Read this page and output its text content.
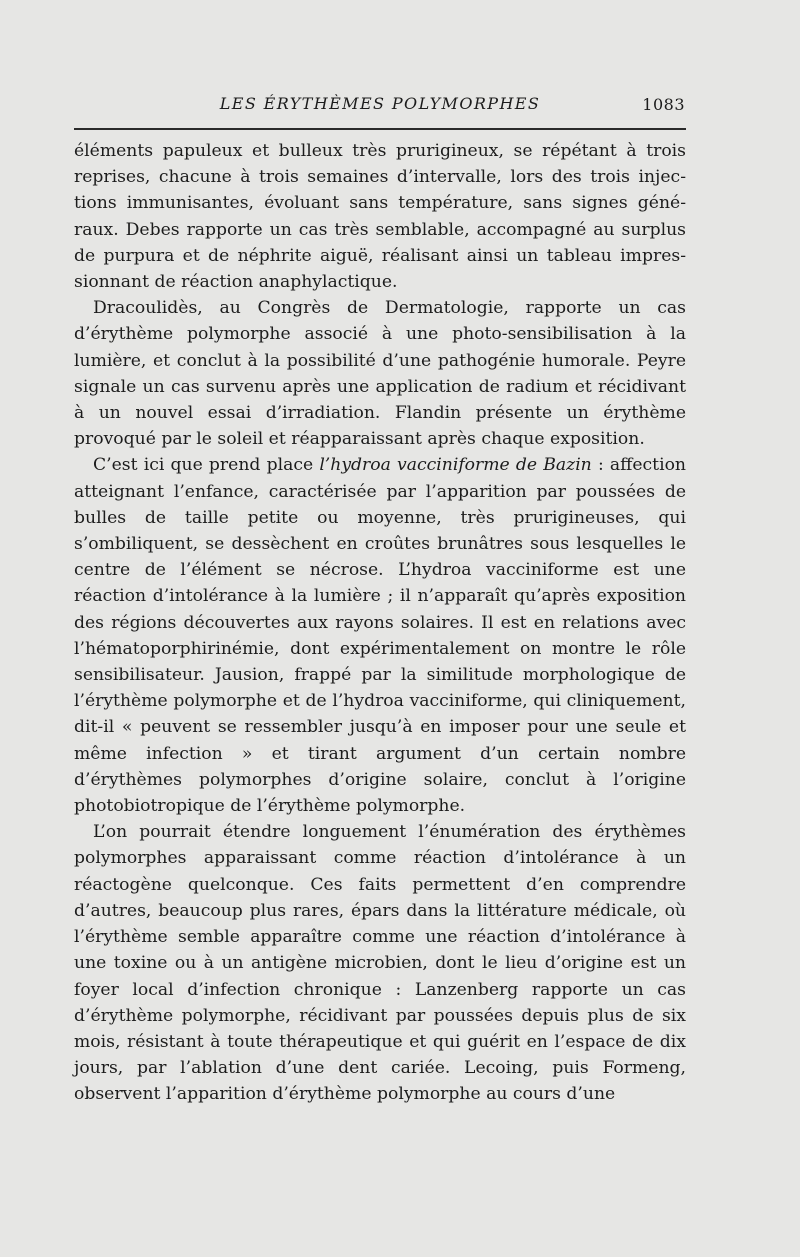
LES ÉRYTHÈMES POLYMORPHES	1083

éléments papuleux et bulleux très prurigineux, se répétant à trois reprises, chacune à trois semaines d’intervalle, lors des trois injections immunisantes, évoluant sans température, sans signes généraux. Debes rapporte un cas très semblable, accompagné au surplus de purpura et de néphrite aiguë, réalisant ainsi un tableau impressionnant de réaction anaphylactique.

Dracoulidès, au Congrès de Dermatologie, rapporte un cas d’érythème polymorphe associé à une photo-sensibilisation à la lumière, et conclut à la possibilité d’une pathogénie humorale. Peyre signale un cas survenu après une application de radium et récidivant à un nouvel essai d’irradiation. Flandin présente un érythème provoqué par le soleil et réapparaissant après chaque exposition.

C’est ici que prend place l’hydroa vacciniforme de Bazin : affection atteignant l’enfance, caractérisée par l’apparition par poussées de bulles de taille petite ou moyenne, très prurigineuses, qui s’ombiliquent, se dessèchent en croûtes brunâtres sous lesquelles le centre de l’élément se nécrose. L’hydroa vacciniforme est une réaction d’intolérance à la lumière ; il n’apparaît qu’après exposition des régions découvertes aux rayons solaires. Il est en relations avec l’hématoporphirinémie, dont expérimentalement on montre le rôle sensibilisateur. Jausion, frappé par la similitude morphologique de l’érythème polymorphe et de l’hydroa vacciniforme, qui cliniquement, dit-il « peuvent se ressembler jusqu’à en imposer pour une seule et même infection » et tirant argument d’un certain nombre d’érythèmes polymorphes d’origine solaire, conclut à l’origine photobiotropique de l’érythème polymorphe.

L’on pourrait étendre longuement l’énumération des érythèmes polymorphes apparaissant comme réaction d’intolérance à un réactogène quelconque. Ces faits permettent d’en comprendre d’autres, beaucoup plus rares, épars dans la littérature médicale, où l’érythème semble apparaître comme une réaction d’intolérance à une toxine ou à un antigène microbien, dont le lieu d’origine est un foyer local d’infection chronique : Lanzenberg rapporte un cas d’érythème polymorphe, récidivant par poussées depuis plus de six mois, résistant à toute thérapeutique et qui guérit en l’espace de dix jours, par l’ablation d’une dent cariée. Lecoing, puis Formeng, observent l’apparition d’érythème polymorphe au cours d’une
